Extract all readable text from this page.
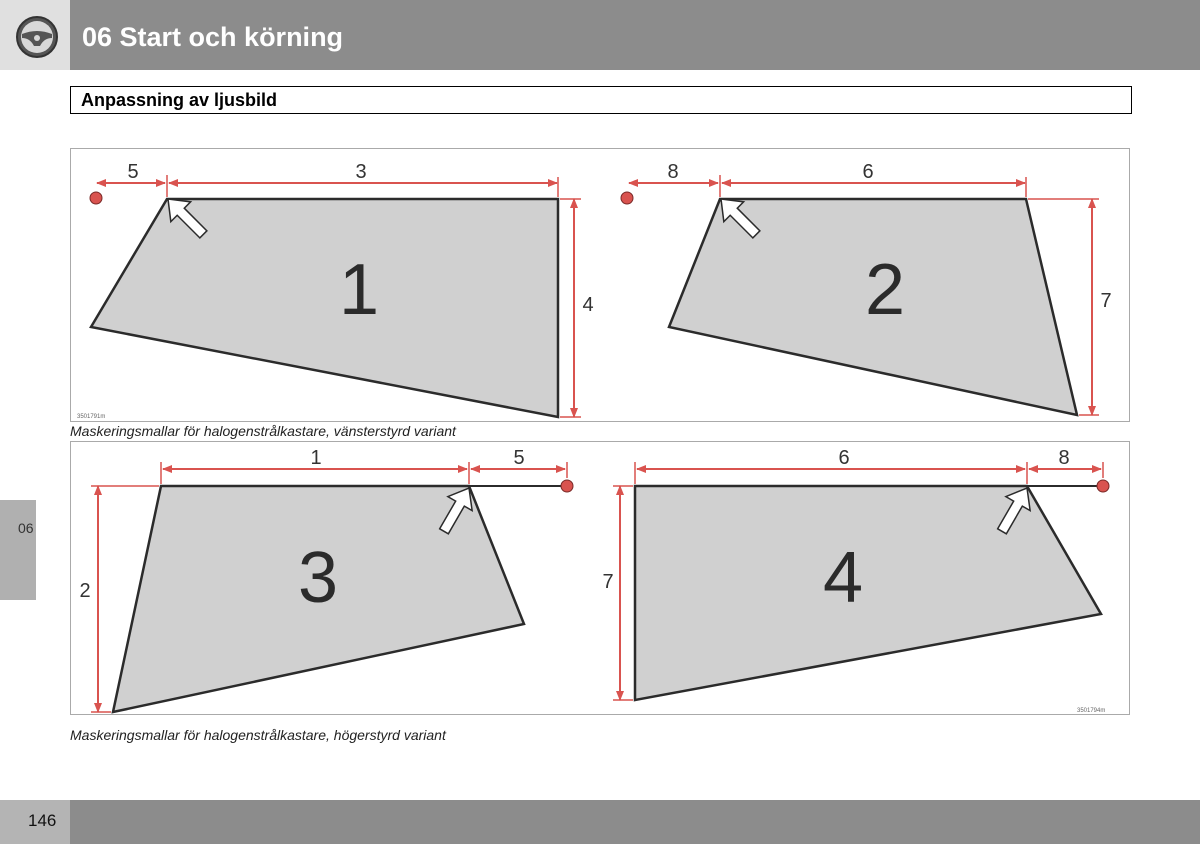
06 Start och körning
Anpassning av ljusbild
1
5	3
4	2
8	6
7
3501791m
Maskeringsmallar för halogenstrålkastare, vänsterstyrd variant
3
1	5
2	4
6	8
7
3501794m
Maskeringsmallar för halogenstrålkastare, högerstyrd variant
06
146
